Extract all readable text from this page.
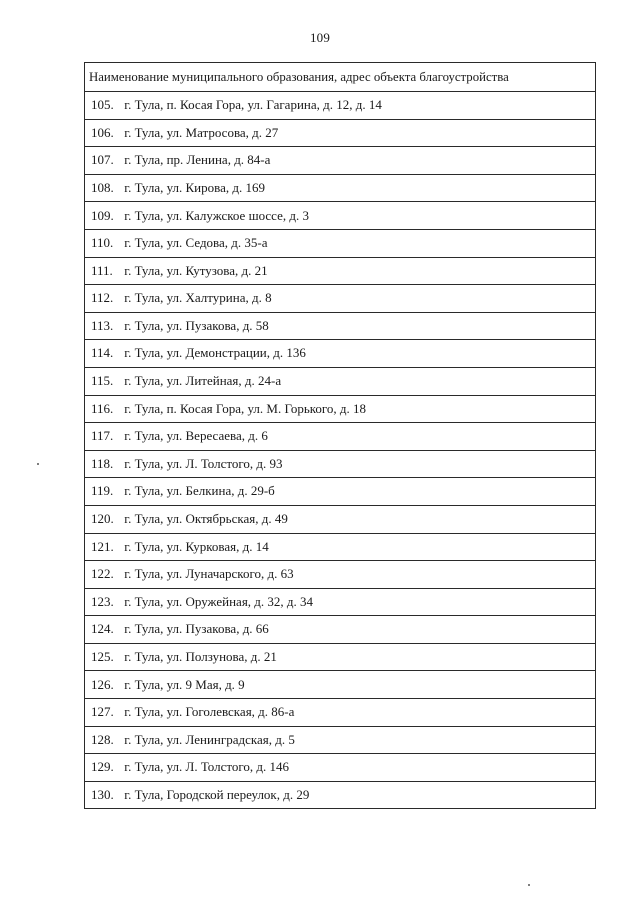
109
Наименование муниципального образования, адрес объекта благоустройства
105. г. Тула, п. Косая Гора, ул. Гагарина, д. 12, д. 14
106. г. Тула, ул. Матросова, д. 27
107. г. Тула, пр. Ленина, д. 84-а
108. г. Тула, ул. Кирова, д. 169
109. г. Тула, ул. Калужское шоссе, д. 3
110. г. Тула, ул. Седова, д. 35-а
111. г. Тула, ул. Кутузова, д. 21
112. г. Тула, ул. Халтурина, д. 8
113. г. Тула, ул. Пузакова, д. 58
114. г. Тула, ул. Демонстрации, д. 136
115. г. Тула, ул. Литейная, д. 24-а
116. г. Тула, п. Косая Гора, ул. М. Горького, д. 18
117. г. Тула, ул. Вересаева, д. 6
118. г. Тула, ул. Л. Толстого, д. 93
119. г. Тула, ул. Белкина, д. 29-б
120. г. Тула, ул. Октябрьская, д. 49
121. г. Тула, ул. Курковая, д. 14
122. г. Тула, ул. Луначарского, д. 63
123. г. Тула, ул. Оружейная, д. 32, д. 34
124. г. Тула, ул. Пузакова, д. 66
125. г. Тула, ул. Ползунова, д. 21
126. г. Тула, ул. 9 Мая, д. 9
127. г. Тула, ул. Гоголевская, д. 86-а
128. г. Тула, ул. Ленинградская, д. 5
129. г. Тула, ул. Л. Толстого, д. 146
130. г. Тула, Городской переулок, д. 29
